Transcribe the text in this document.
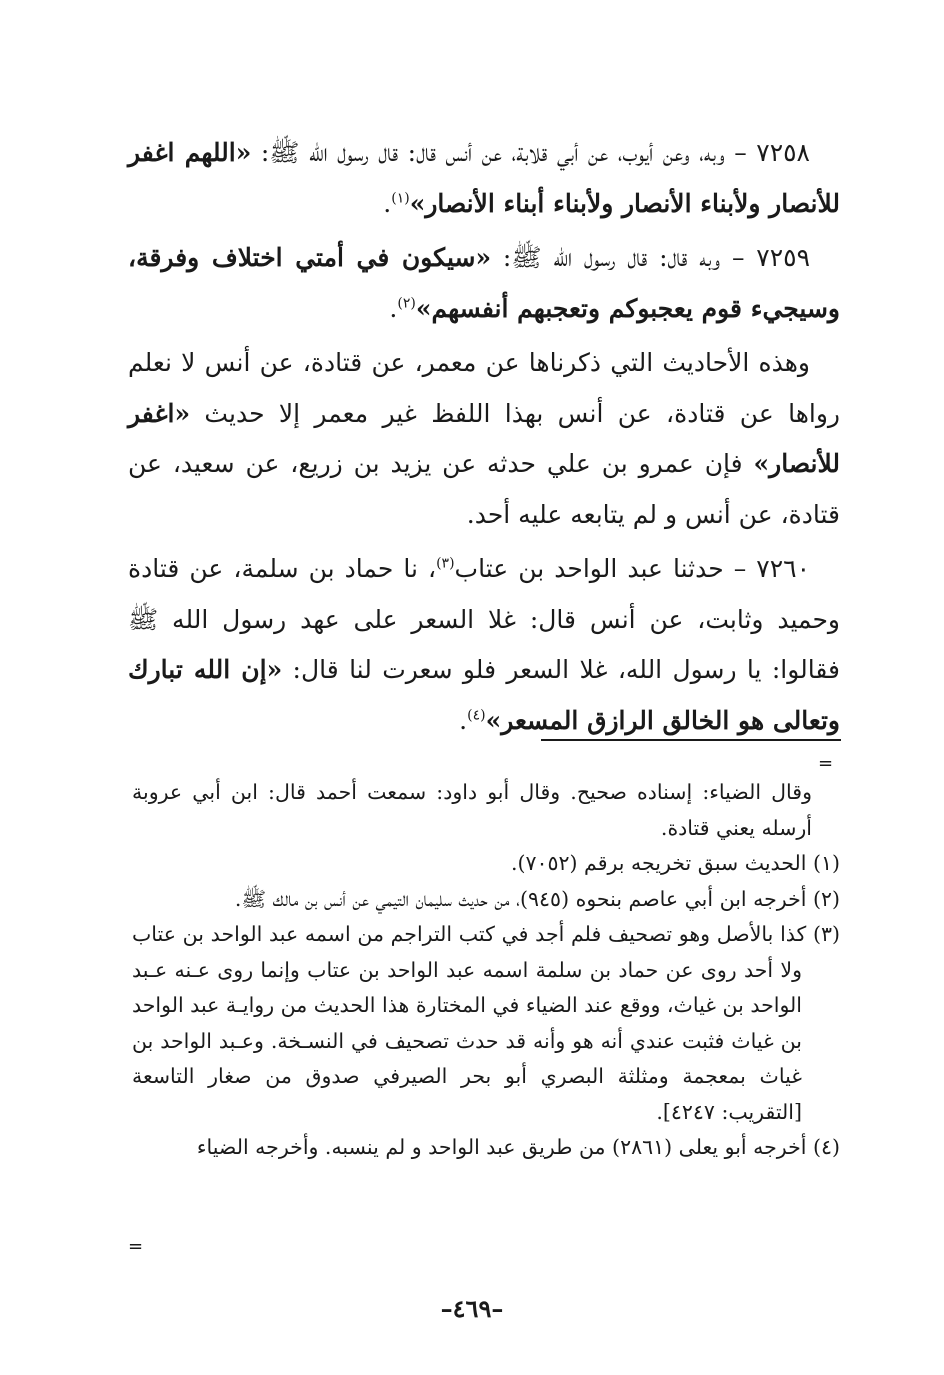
٧٢٥٨ – وبه، وعن أيوب، عن أبي قلابة، عن أنس قال: قال رسول الله ﷺ: «اللهم اغفر للأنصار ولأبناء الأنصار ولأبناء أبناء الأنصار»$^{(١)}$.

٧٢٥٩ – وبه قال: قال رسول الله ﷺ: «سيكون في أمتي اختلاف وفرقة، وسيجيء قوم يعجبوكم وتعجبهم أنفسهم»$^{(٢)}$.

وهذه الأحاديث التي ذكرناها عن معمر، عن قتادة، عن أنس لا نعلم رواها عن قتادة، عن أنس بهذا اللفظ غير معمر إلا حديث «اغفر للأنصار» فإن عمرو بن علي حدثه عن يزيد بن زريع، عن سعيد، عن قتادة، عن أنس و لم يتابعه عليه أحد.

٧٢٦٠ – حدثنا عبد الواحد بن عتاب$^{(٣)}$، نا حماد بن سلمة، عن قتادة وحميد وثابت، عن أنس قال: غلا السعر على عهد رسول الله ﷺ فقالوا: يا رسول الله، غلا السعر فلو سعرت لنا قال: «إن الله تبارك وتعالى هو الخالق الرازق المسعر»$^{(٤)}$.

=

وقال الضياء: إسناده صحيح. وقال أبو داود: سمعت أحمد قال: ابن أبي عروبة أرسله يعني قتادة.

(١) الحديث سبق تخريجه برقم (٧٠٥٢).

(٢) أخرجه ابن أبي عاصم بنحوه (٩٤٥)، من حديث سليمان التيمي عن أنس بن مالك ﷺ.

(٣) كذا بالأصل وهو تصحيف فلم أجد في كتب التراجم من اسمه عبد الواحد بن عتاب ولا أحد روى عن حماد بن سلمة اسمه عبد الواحد بن عتاب وإنما روى عـنه عـبد الواحد بن غياث، ووقع عند الضياء في المختارة هذا الحديث من روايـة عبد الواحد بن غياث فثبت عندي أنه هو وأنه قد حدث تصحيف في النسـخة. وعـبد الواحد بن غياث بمعجمة ومثلثة البصري أبو بحر الصيرفي صدوق من صغار التاسعة [التقريب: ٤٢٤٧].

(٤) أخرجه أبو يعلى (٢٨٦١) من طريق عبد الواحد و لم ينسبه. وأخرجه الضياء

=
–٤٦٩–
